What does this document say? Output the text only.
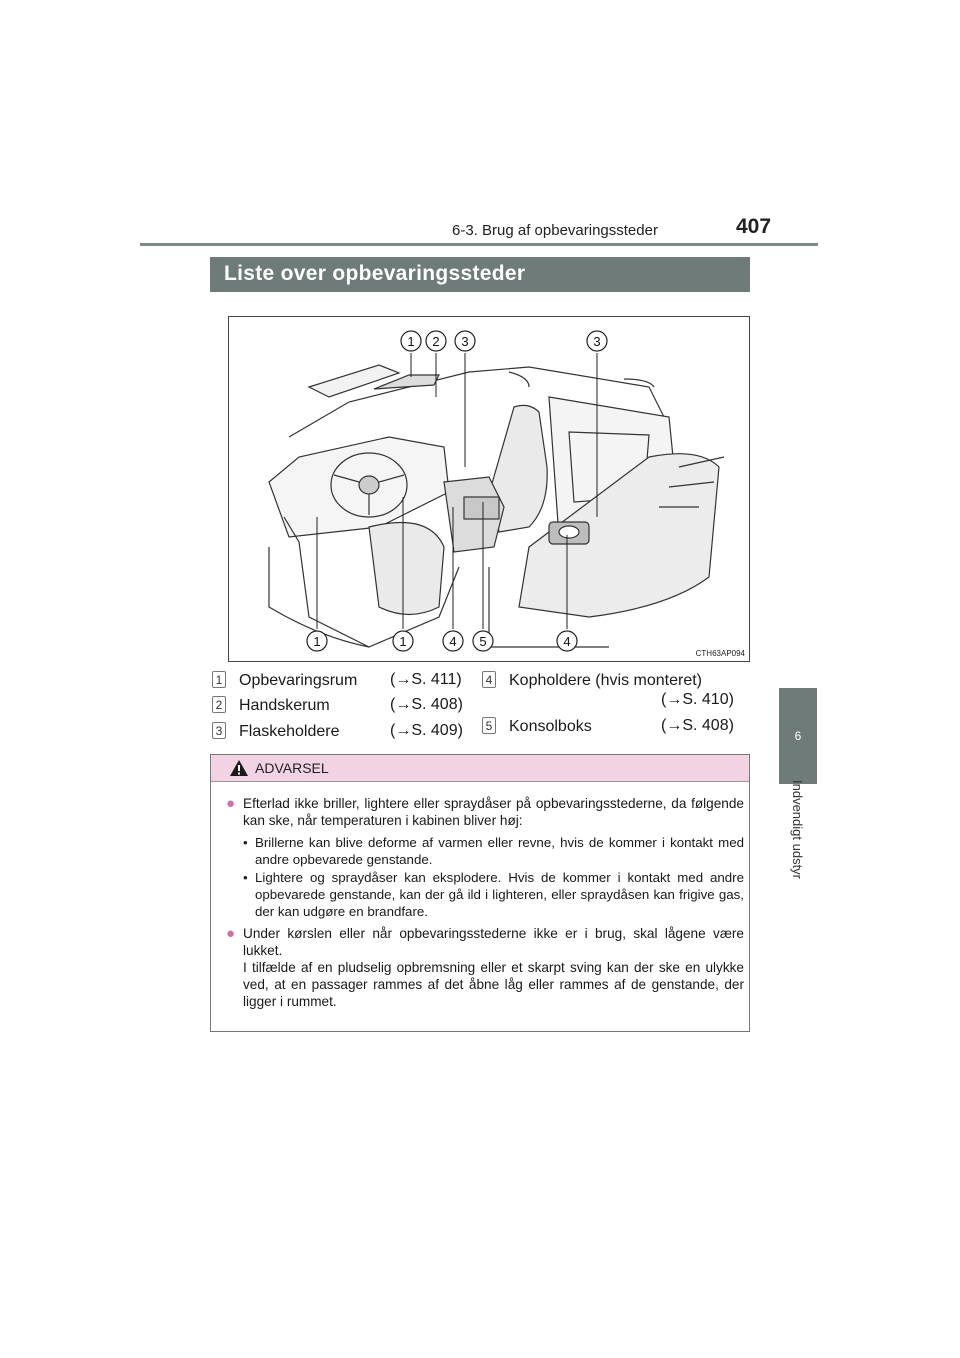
6-3. Brug af opbevaringssteder	407
6
Indvendigt udstyr
Liste over opbevaringssteder
1 2 3	3
1	1	4 5	4
CTH63AP094
1 Opbevaringsrum (→S. 411)
2 Handskerum	(→S. 408)
3 Flaskeholdere	(→S. 409)
4 Kopholdere (hvis monteret)
(→S. 410)
5 Konsolboks	(→S. 408)
ADVARSEL
● Efterlad ikke briller, lightere eller spraydåser på opbevaringsstederne, da følgende kan ske, når temperaturen i kabinen bliver høj:
• Brillerne kan blive deforme af varmen eller revne, hvis de kommer i kontakt med andre opbevarede genstande.
• Lightere og spraydåser kan eksplodere. Hvis de kommer i kontakt med andre opbevarede genstande, kan der gå ild i lighteren, eller spraydåsen kan frigive gas, der kan udgøre en brandfare.
● Under kørslen eller når opbevaringsstederne ikke er i brug, skal lågene være lukket.
I tilfælde af en pludselig opbremsning eller et skarpt sving kan der ske en ulykke ved, at en passager rammes af det åbne låg eller rammes af de genstande, der ligger i rummet.
